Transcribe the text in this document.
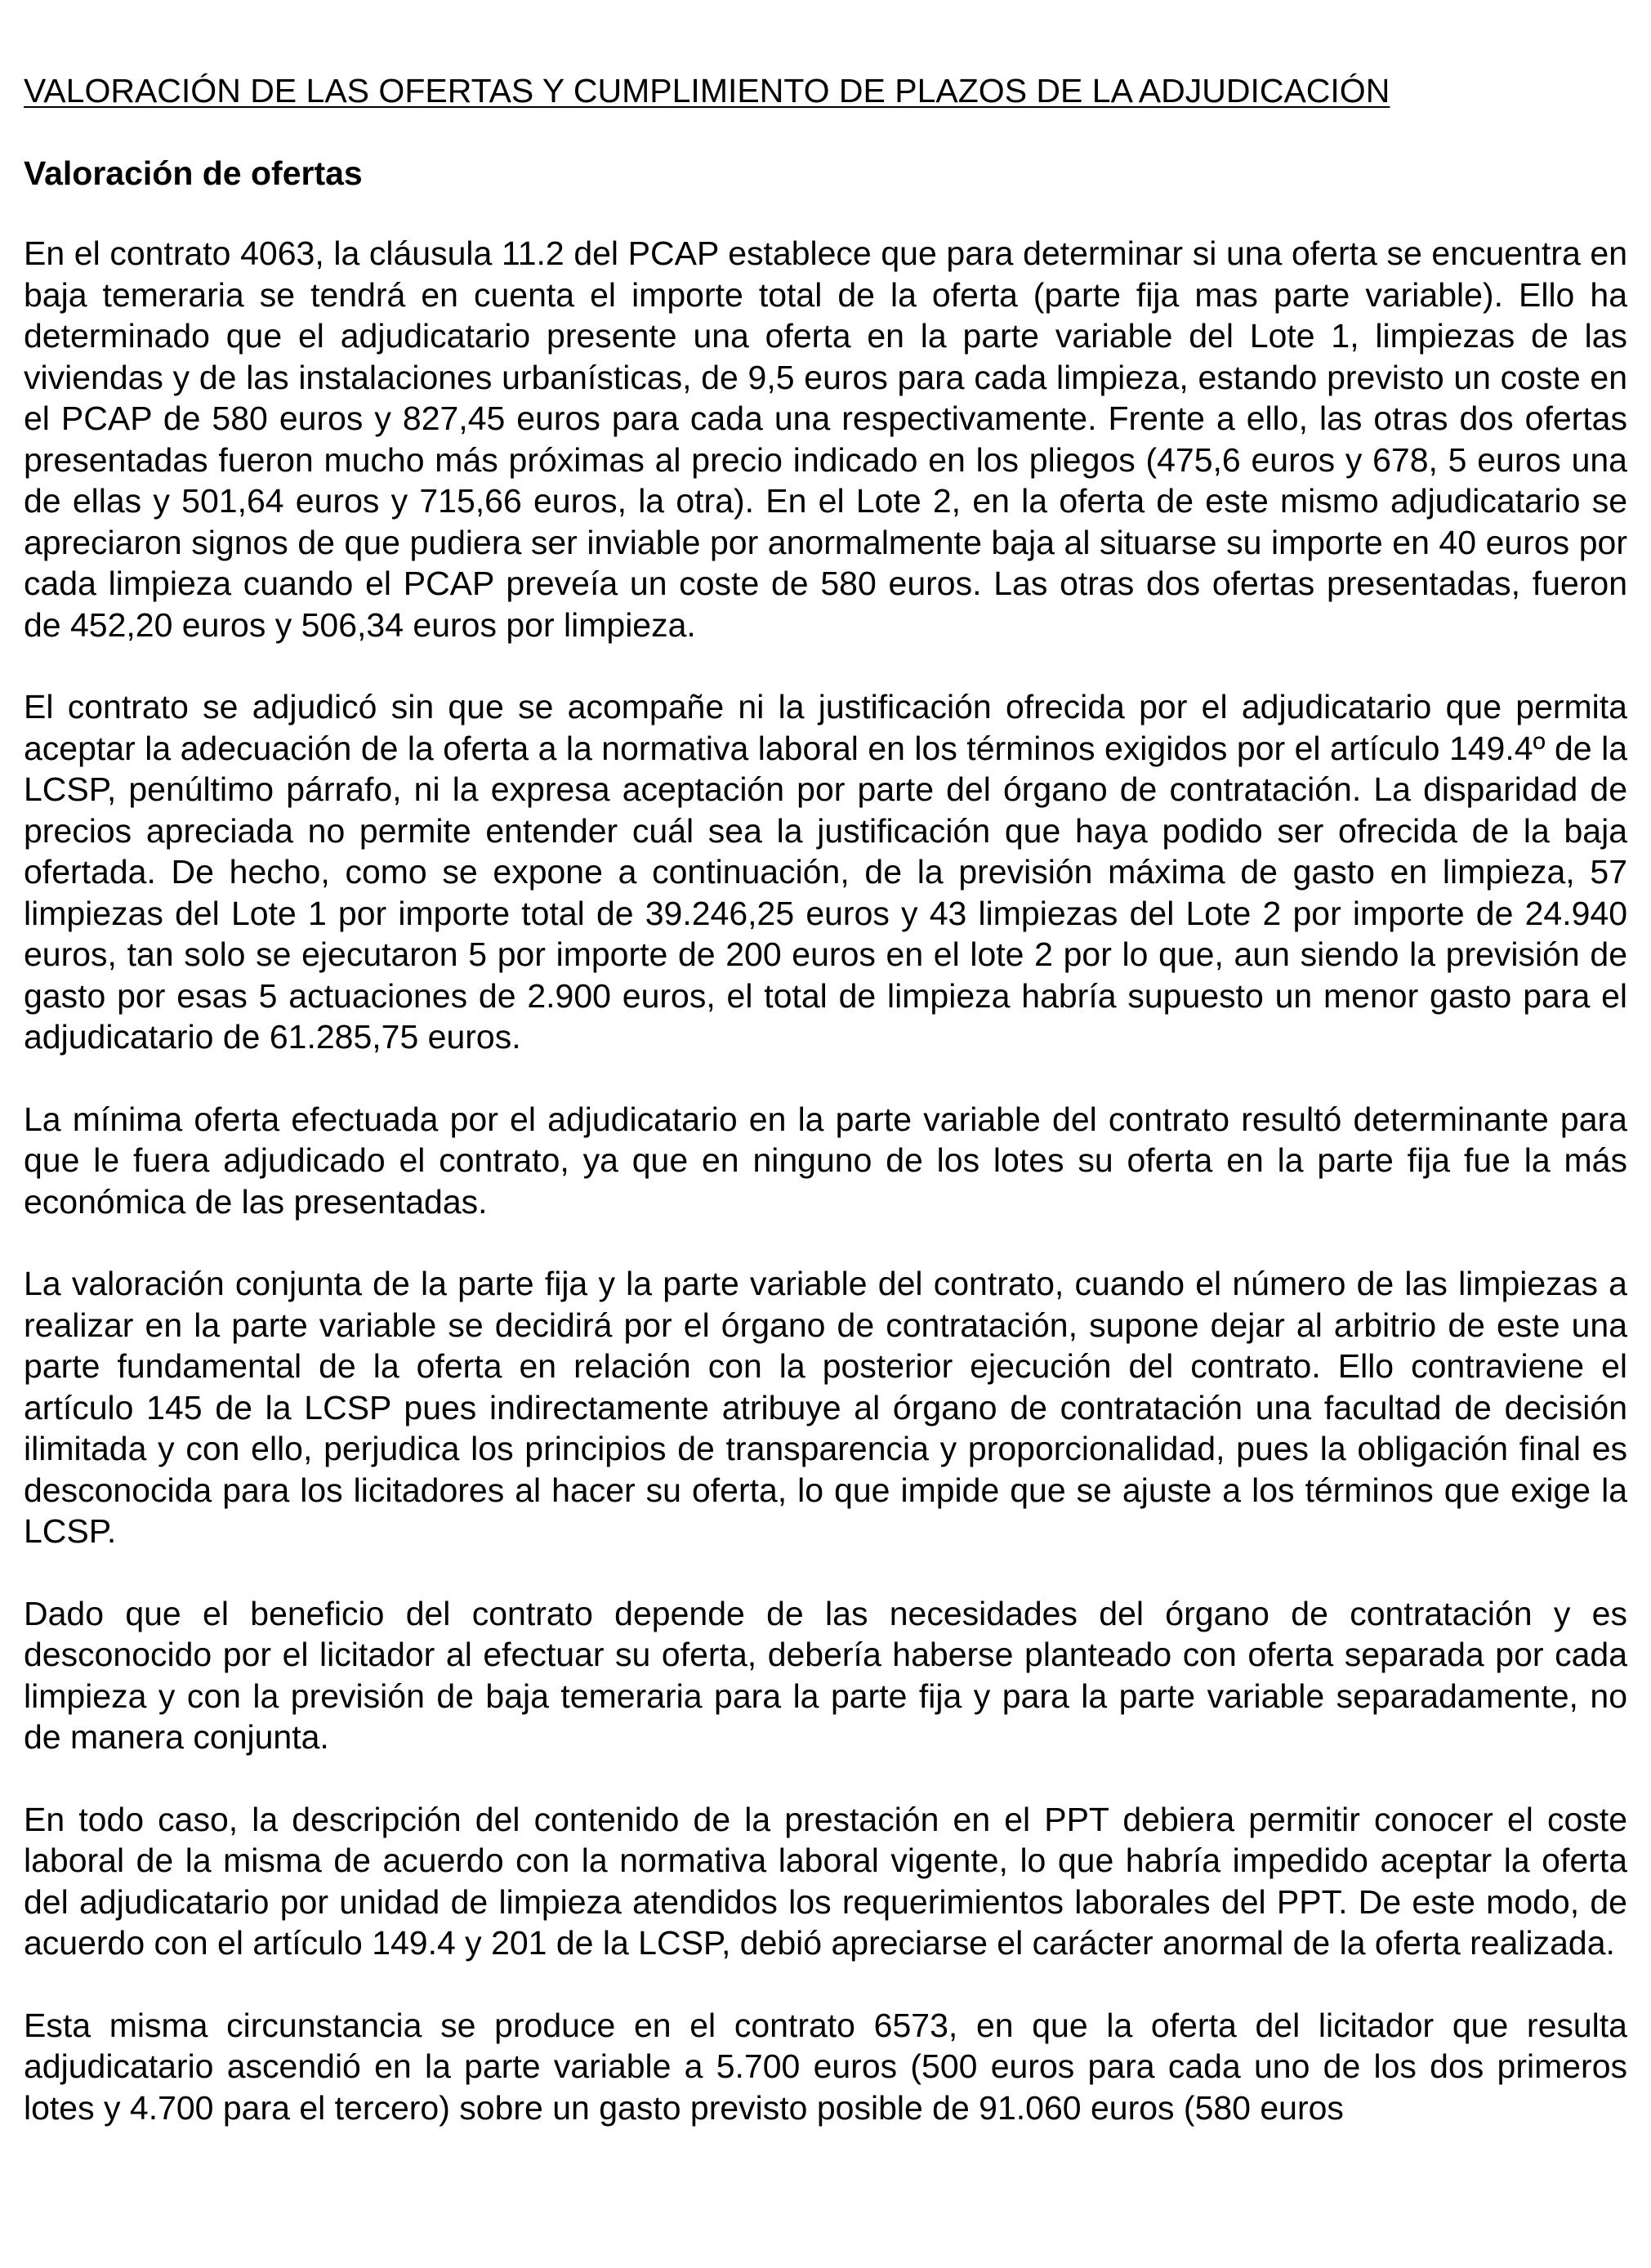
VALORACIÓN DE LAS OFERTAS Y CUMPLIMIENTO DE PLAZOS DE LA ADJUDICACIÓN
Valoración de ofertas

En el contrato 4063, la cláusula 11.2 del PCAP establece que para determinar si una oferta se encuentra en baja temeraria se tendrá en cuenta el importe total de la oferta (parte fija mas parte variable). Ello ha determinado que el adjudicatario presente una oferta en la parte variable del Lote 1, limpiezas de las viviendas y de las instalaciones urbanísticas, de 9,5 euros para cada limpieza, estando previsto un coste en el PCAP de 580 euros y 827,45 euros para cada una respectivamente. Frente a ello, las otras dos ofertas presentadas fueron mucho más próximas al precio indicado en los pliegos (475,6 euros y 678, 5 euros una de ellas y 501,64 euros y 715,66 euros, la otra). En el Lote 2, en la oferta de este mismo adjudicatario se apreciaron signos de que pudiera ser inviable por anormalmente baja al situarse su importe en 40 euros por cada limpieza cuando el PCAP preveía un coste de 580 euros. Las otras dos ofertas presentadas, fueron de 452,20 euros y 506,34 euros por limpieza.

El contrato se adjudicó sin que se acompañe ni la justificación ofrecida por el adjudicatario que permita aceptar la adecuación de la oferta a la normativa laboral en los términos exigidos por el artículo 149.4º de la LCSP, penúltimo párrafo, ni la expresa aceptación por parte del órgano de contratación. La disparidad de precios apreciada no permite entender cuál sea la justificación que haya podido ser ofrecida de la baja ofertada. De hecho, como se expone a continuación, de la previsión máxima de gasto en limpieza, 57 limpiezas del Lote 1 por importe total de 39.246,25 euros y 43 limpiezas del Lote 2 por importe de 24.940 euros, tan solo se ejecutaron 5 por importe de 200 euros en el lote 2 por lo que, aun siendo la previsión de gasto por esas 5 actuaciones de 2.900 euros, el total de limpieza habría supuesto un menor gasto para el adjudicatario de 61.285,75 euros.

La mínima oferta efectuada por el adjudicatario en la parte variable del contrato resultó determinante para que le fuera adjudicado el contrato, ya que en ninguno de los lotes su oferta en la parte fija fue la más económica de las presentadas.

La valoración conjunta de la parte fija y la parte variable del contrato, cuando el número de las limpiezas a realizar en la parte variable se decidirá por el órgano de contratación, supone dejar al arbitrio de este una parte fundamental de la oferta en relación con la posterior ejecución del contrato. Ello contraviene el artículo 145 de la LCSP pues indirectamente atribuye al órgano de contratación una facultad de decisión ilimitada y con ello, perjudica los principios de transparencia y proporcionalidad, pues la obligación final es desconocida para los licitadores al hacer su oferta, lo que impide que se ajuste a los términos que exige la LCSP.

Dado que el beneficio del contrato depende de las necesidades del órgano de contratación y es desconocido por el licitador al efectuar su oferta, debería haberse planteado con oferta separada por cada limpieza y con la previsión de baja temeraria para la parte fija y para la parte variable separadamente, no de manera conjunta.

En todo caso, la descripción del contenido de la prestación en el PPT debiera permitir conocer el coste laboral de la misma de acuerdo con la normativa laboral vigente, lo que habría impedido aceptar la oferta del adjudicatario por unidad de limpieza atendidos los requerimientos laborales del PPT. De este modo, de acuerdo con el artículo 149.4 y 201 de la LCSP, debió apreciarse el carácter anormal de la oferta realizada.

Esta misma circunstancia se produce en el contrato 6573, en que la oferta del licitador que resulta adjudicatario ascendió en la parte variable a 5.700 euros (500 euros para cada uno de los dos primeros lotes y 4.700 para el tercero) sobre un gasto previsto posible de 91.060 euros (580 euros
